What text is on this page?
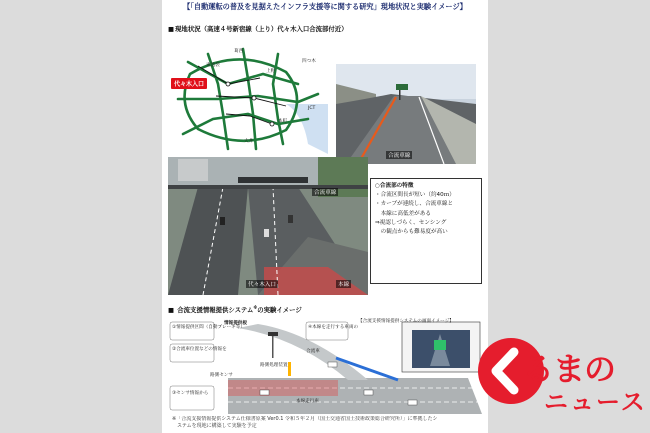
【「自動運転の普及を見据えたインフラ支援等に関する研究」現地状況と実験イメージ】
■ 現地状況（高速４号新宿線（上り）代々木入口合流部付近）
代々木入口
葛西
東池袋
上野
四つ木
大井
本町
JCT
合流車線
代々木入口
合流車線
本線
○合流部の特徴
・合流区間長が短い（約40ｍ）
・カーブが連続し、合流車線と
　本線に高低差がある
⇒視認しづらく、センシング
　の観点からも難易度が高い
■ 合流支援情報提供システム※の実験イメージ
情報提供板
合流車
路側センサ
本線走行車
路側処理装置
【合流支援情報提供システムの画面イメージ】
①情報提供区間（自動ブレーキ等）
②合流車位置などの情報を
③センサ情報から
④本線を走行する車両の
※「合流支援情報提供システム仕様書原案 Ver0.1 令和５年２月（国土交通省国土技術政策総合研究所）」に準拠したシ
　ステムを現地に構築して実験を予定
るまの
ニュース
